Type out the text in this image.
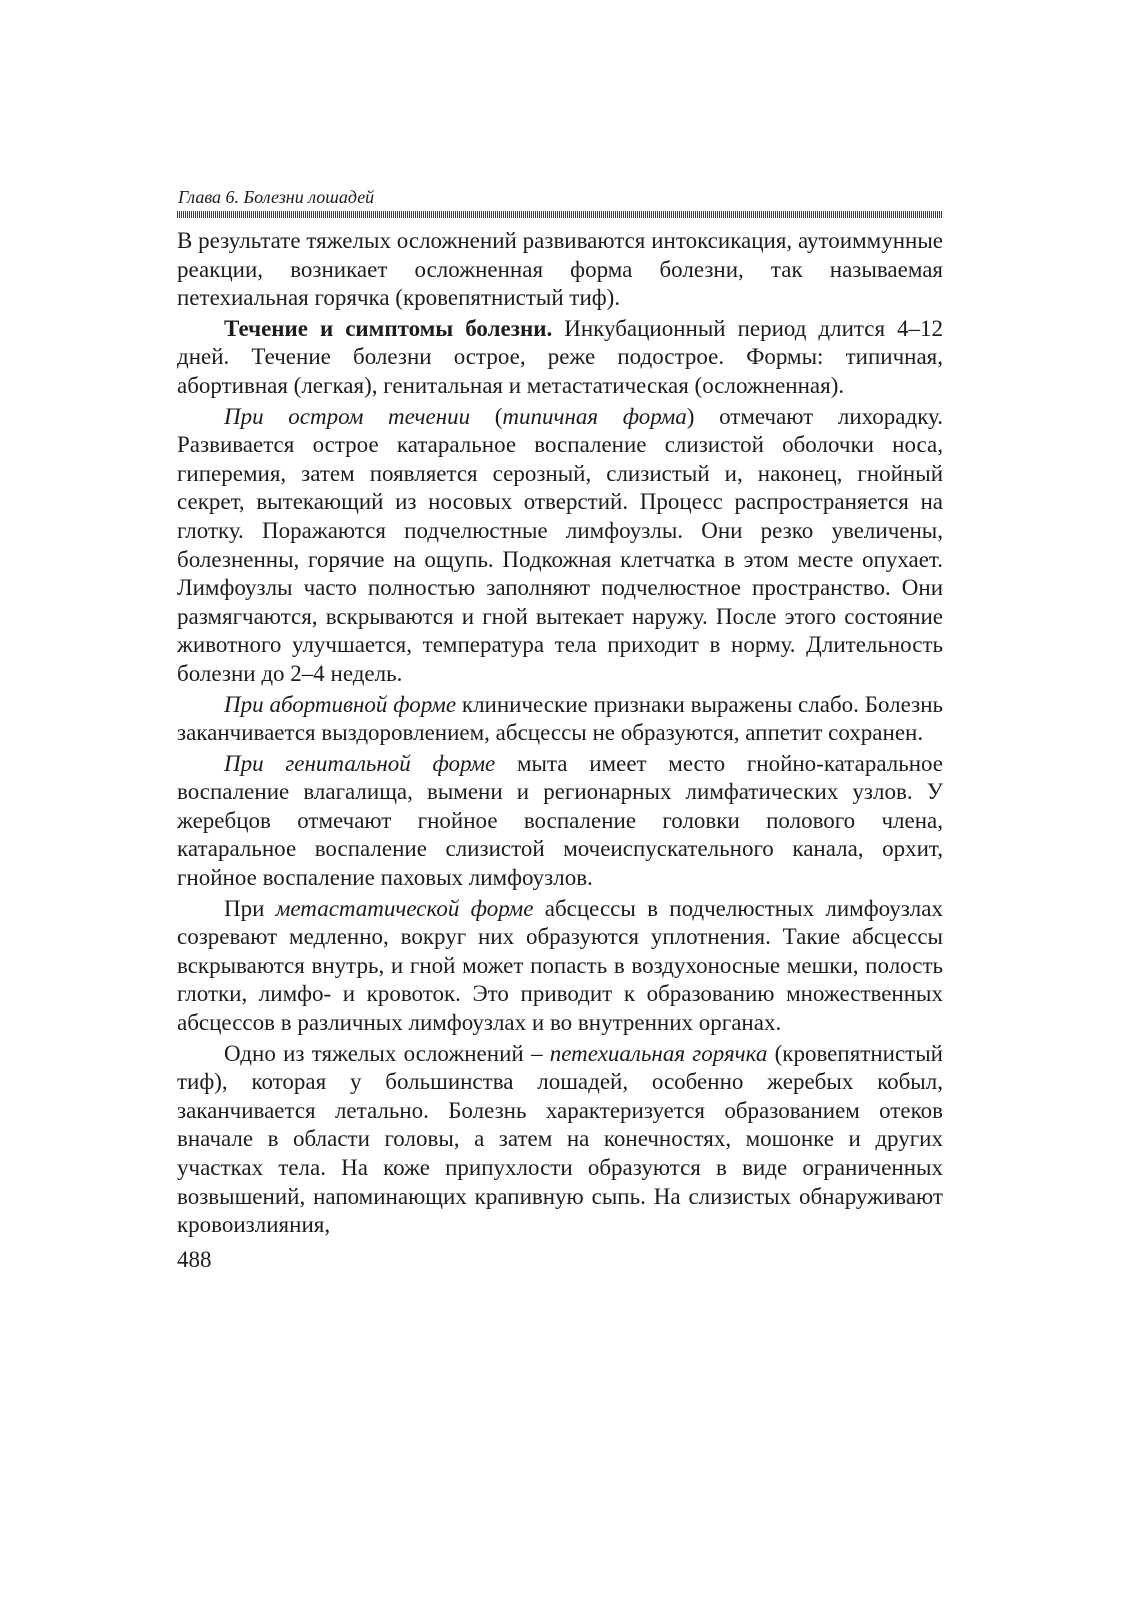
Глава 6. Болезни лошадей

В результате тяжелых осложнений развиваются интоксикация, аутоиммунные реакции, возникает осложненная форма болезни, так называемая петехиальная горячка (кровепятнистый тиф).

Течение и симптомы болезни. Инкубационный период длится 4–12 дней. Течение болезни острое, реже подострое. Формы: типичная, абортивная (легкая), генитальная и метастатическая (осложненная).

При остром течении (типичная форма) отмечают лихорадку. Развивается острое катаральное воспаление слизистой оболочки носа, гиперемия, затем появляется серозный, слизистый и, наконец, гнойный секрет, вытекающий из носовых отверстий. Процесс распространяется на глотку. Поражаются подчелюстные лимфоузлы. Они резко увеличены, болезненны, горячие на ощупь. Подкожная клетчатка в этом месте опухает. Лимфоузлы часто полностью заполняют подчелюстное пространство. Они размягчаются, вскрываются и гной вытекает наружу. После этого состояние животного улучшается, температура тела приходит в норму. Длительность болезни до 2–4 недель.

При абортивной форме клинические признаки выражены слабо. Болезнь заканчивается выздоровлением, абсцессы не образуются, аппетит сохранен.

При генитальной форме мыта имеет место гнойно-катаральное воспаление влагалища, вымени и регионарных лимфатических узлов. У жеребцов отмечают гнойное воспаление головки полового члена, катаральное воспаление слизистой мочеиспускательного канала, орхит, гнойное воспаление паховых лимфоузлов.

При метастатической форме абсцессы в подчелюстных лимфоузлах созревают медленно, вокруг них образуются уплотнения. Такие абсцессы вскрываются внутрь, и гной может попасть в воздухоносные мешки, полость глотки, лимфо- и кровоток. Это приводит к образованию множественных абсцессов в различных лимфоузлах и во внутренних органах.

Одно из тяжелых осложнений – петехиальная горячка (кровепятнистый тиф), которая у большинства лошадей, особенно жеребых кобыл, заканчивается летально. Болезнь характеризуется образованием отеков вначале в области головы, а затем на конечностях, мошонке и других участках тела. На коже припухлости образуются в виде ограниченных возвышений, напоминающих крапивную сыпь. На слизистых обнаруживают кровоизлияния,

488
